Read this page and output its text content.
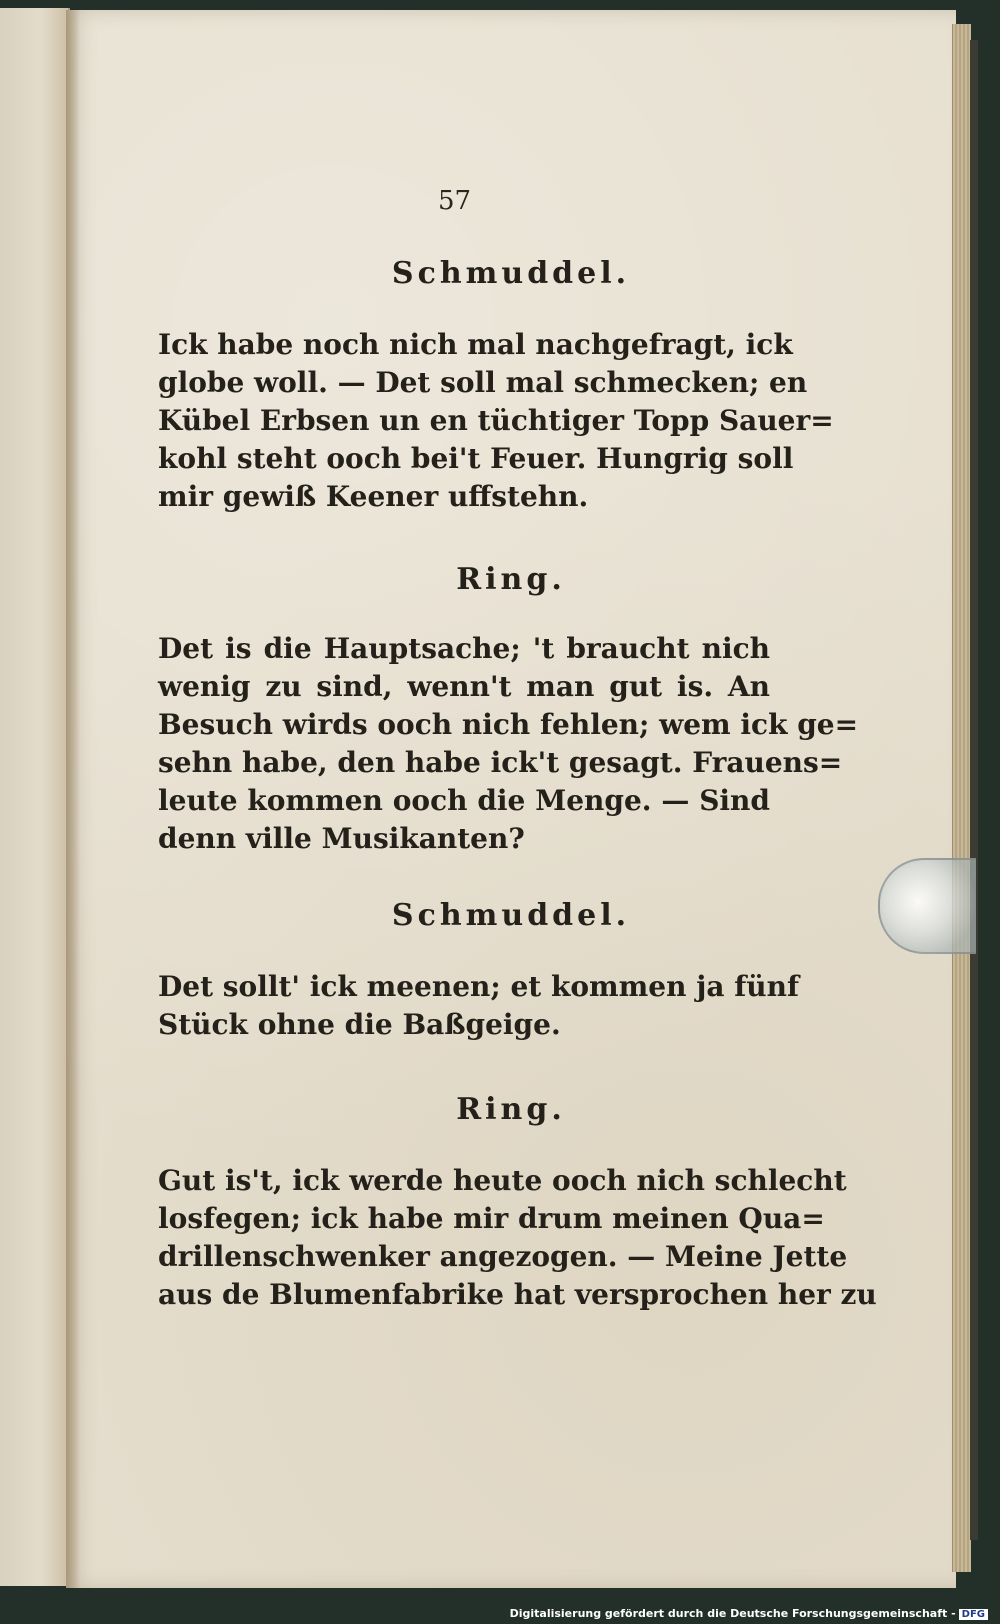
57
Schmuddel.
Ick habe noch nich mal nachgefragt, ick
globe woll. — Det soll mal schmecken; en
Kübel Erbsen un en tüchtiger Topp Sauer=
kohl steht ooch bei't Feuer. Hungrig soll
mir gewiß Keener uffstehn.
Ring.
Det is die Hauptsache; 't braucht nich
wenig zu sind, wenn't man gut is. An
Besuch wirds ooch nich fehlen; wem ick ge=
sehn habe, den habe ick't gesagt. Frauens=
leute kommen ooch die Menge. — Sind
denn ville Musikanten?
Schmuddel.
Det sollt' ick meenen; et kommen ja fünf
Stück ohne die Baßgeige.
Ring.
Gut is't, ick werde heute ooch nich schlecht
losfegen; ick habe mir drum meinen Qua=
drillenschwenker angezogen. — Meine Jette
aus de Blumenfabrike hat versprochen her zu
Digitalisierung gefördert durch die Deutsche Forschungsgemeinschaft - DFG
